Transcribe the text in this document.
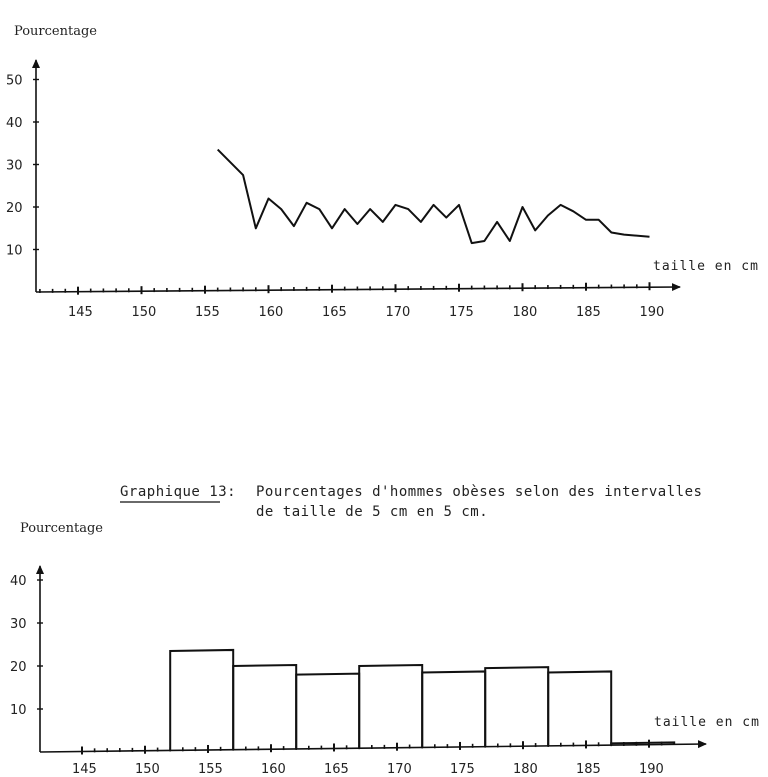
Pourcentage
10
20
30
40
50
145	150	155	160	165	170	175	180	185	190
taille en cm
Graphique 13: Pourcentages d'hommes obèses selon des intervalles
de taille de 5 cm en 5 cm.
Pourcentage
10
20
30
40
145	150	155	160	165	170	175	180	185	190
taille en cm
